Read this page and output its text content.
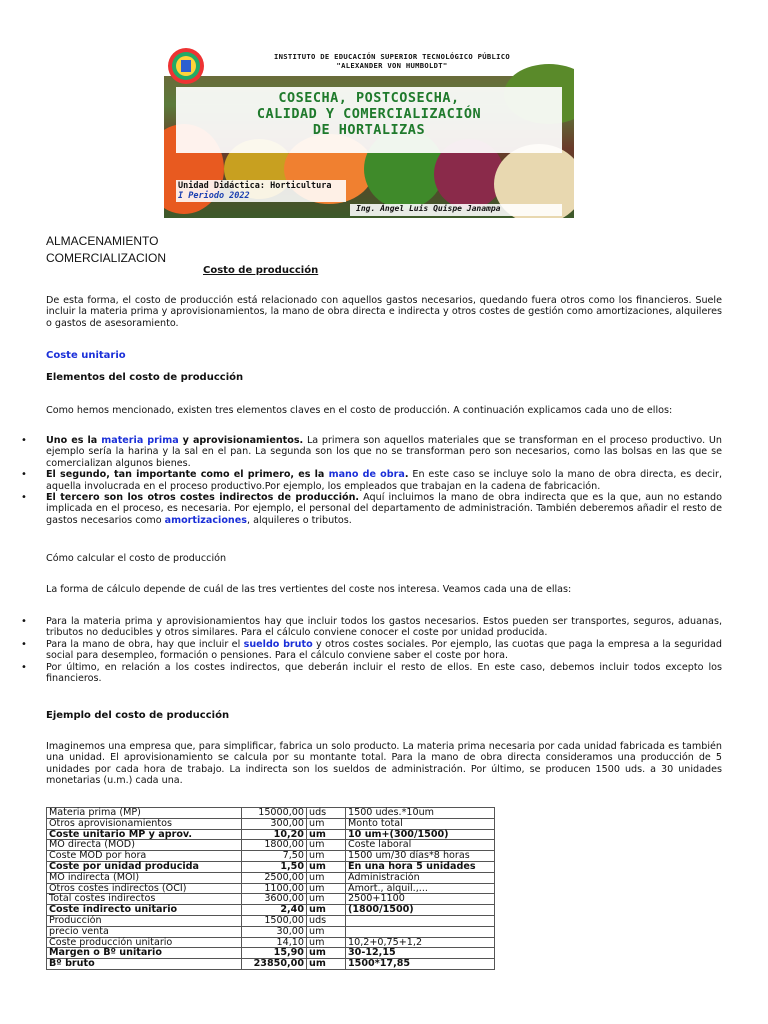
INSTITUTO DE EDUCACIÓN SUPERIOR TECNOLÓGICO PÚBLICO
"ALEXANDER VON HUMBOLDT"
COSECHA, POSTCOSECHA,
CALIDAD Y COMERCIALIZACIÓN
DE HORTALIZAS
Unidad Didáctica: Horticultura
I Periodo 2022
Ing. Ángel Luis Quispe Janampa
ALMACENAMIENTO
COMERCIALIZACION
Costo de producción

De esta forma, el costo de producción está relacionado con aquellos gastos necesarios, quedando fuera otros como los financieros. Suele incluir la materia prima y aprovisionamientos, la mano de obra directa e indirecta y otros costes de gestión como amortizaciones, alquileres o gastos de asesoramiento.

Coste unitario
Elementos del costo de producción

Como hemos mencionado, existen tres elementos claves en el costo de producción. A continuación explicamos cada uno de ellos:

• Uno es la materia prima y aprovisionamientos. La primera son aquellos materiales que se transforman en el proceso productivo. Un ejemplo sería la harina y la sal en el pan. La segunda son los que no se transforman pero son necesarios, como las bolsas en las que se comercializan algunos bienes.
• El segundo, tan importante como el primero, es la mano de obra. En este caso se incluye solo la mano de obra directa, es decir, aquella involucrada en el proceso productivo.Por ejemplo, los empleados que trabajan en la cadena de fabricación.
• El tercero son los otros costes indirectos de producción. Aquí incluimos la mano de obra indirecta que es la que, aun no estando implicada en el proceso, es necesaria. Por ejemplo, el personal del departamento de administración. También deberemos añadir el resto de gastos necesarios como amortizaciones, alquileres o tributos.
Cómo calcular el costo de producción

La forma de cálculo depende de cuál de las tres vertientes del coste nos interesa. Veamos cada una de ellas:

• Para la materia prima y aprovisionamientos hay que incluir todos los gastos necesarios. Estos pueden ser transportes, seguros, aduanas, tributos no deducibles y otros similares. Para el cálculo conviene conocer el coste por unidad producida.
• Para la mano de obra, hay que incluir el sueldo bruto y otros costes sociales. Por ejemplo, las cuotas que paga la empresa a la seguridad social para desempleo, formación o pensiones. Para el cálculo conviene saber el coste por hora.
• Por último, en relación a los costes indirectos, que deberán incluir el resto de ellos. En este caso, debemos incluir todos excepto los financieros.
Ejemplo del costo de producción

Imaginemos una empresa que, para simplificar, fabrica un solo producto. La materia prima necesaria por cada unidad fabricada es también una unidad. El aprovisionamiento se calcula por su montante total. Para la mano de obra directa consideramos una producción de 5 unidades por cada hora de trabajo. La indirecta son los sueldos de administración. Por último, se producen 1500 uds. a 30 unidades monetarias (u.m.) cada una.

Materia prima (MP)	15000,00	uds	1500 udes.*10um
Otros aprovisionamientos	300,00	um	Monto total
Coste unitario MP y aprov.	10,20	um	10 um+(300/1500)
MO directa (MOD)	1800,00	um	Coste laboral
Coste MOD por hora	7,50	um	1500 um/30 días*8 horas
Coste por unidad producida	1,50	um	En una hora 5 unidades
MO indirecta (MOI)	2500,00	um	Administración
Otros costes indirectos (OCI)	1100,00	um	Amort., alquil.,...
Total costes indirectos	3600,00	um	2500+1100
Coste indirecto unitario	2,40	um	(1800/1500)
Producción	1500,00	uds	
precio venta	30,00	um	
Coste producción unitario	14,10	um	10,2+0,75+1,2
Margen o Bº unitario	15,90	um	30-12,15
Bº bruto	23850,00	um	1500*17,85
